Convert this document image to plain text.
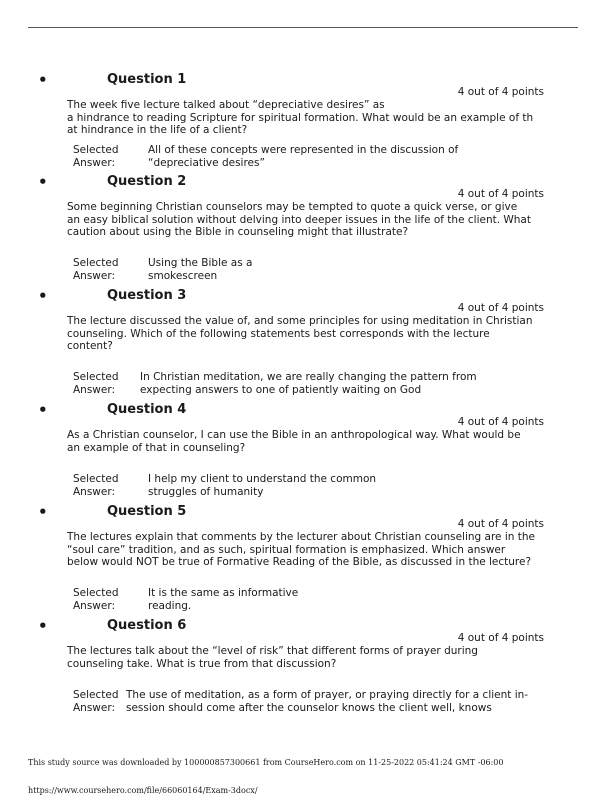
•	Question 1
4 out of 4 points
The week five lecture talked about “depreciative desires” as
a hindrance to reading Scripture for spiritual formation. What would be an example of th
at hindrance in the life of a client?
Selected
Answer:
All of these concepts were represented in the discussion of
“depreciative desires”
•	Question 2
4 out of 4 points
Some beginning Christian counselors may be tempted to quote a quick verse, or give
an easy biblical solution without delving into deeper issues in the life of the client. What
caution about using the Bible in counseling might that illustrate?
Selected
Answer:
Using the Bible as a
smokescreen
•	Question 3
4 out of 4 points
The lecture discussed the value of, and some principles for using meditation in Christian
counseling. Which of the following statements best corresponds with the lecture
content?
Selected
Answer:
In Christian meditation, we are really changing the pattern from
expecting answers to one of patiently waiting on God
•	Question 4
4 out of 4 points
As a Christian counselor, I can use the Bible in an anthropological way. What would be
an example of that in counseling?
Selected
Answer:
I help my client to understand the common
struggles of humanity
•	Question 5
4 out of 4 points
The lectures explain that comments by the lecturer about Christian counseling are in the
“soul care” tradition, and as such, spiritual formation is emphasized. Which answer
below would NOT be true of Formative Reading of the Bible, as discussed in the lecture?
Selected
Answer:
It is the same as informative
reading.
•	Question 6
4 out of 4 points
The lectures talk about the “level of risk” that different forms of prayer during
counseling take. What is true from that discussion?
Selected
Answer:
The use of meditation, as a form of prayer, or praying directly for a client in-
session should come after the counselor knows the client well, knows
This study source was downloaded by 100000857300661 from CourseHero.com on 11-25-2022 05:41:24 GMT -06:00
https://www.coursehero.com/file/66060164/Exam-3docx/
